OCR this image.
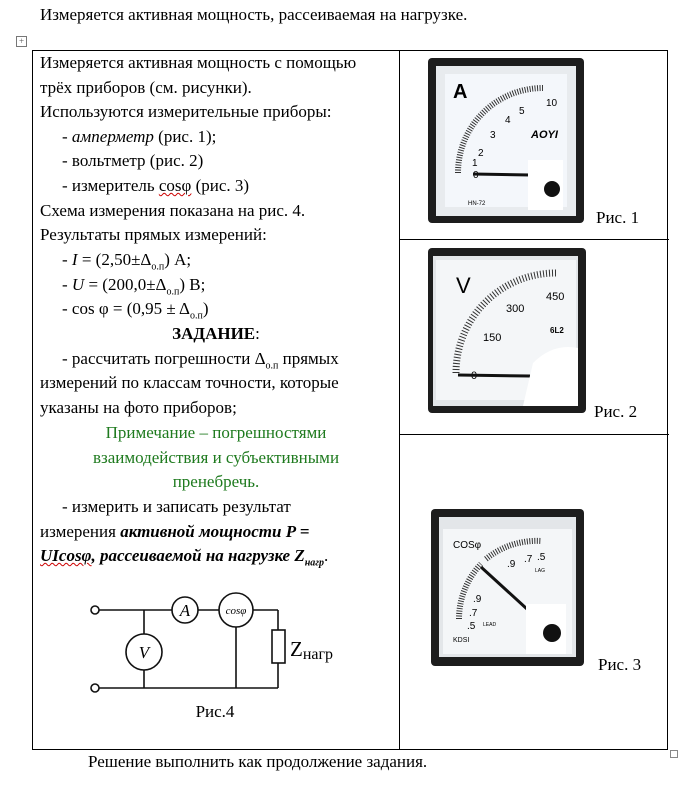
Измеряется активная мощность, рассеиваемая на нагрузке.
+
Измеряется активная мощность с помощью
трёх приборов (см. рисунки).
Используются измерительные приборы:
- амперметр (рис. 1);
- вольтметр (рис. 2)
- измеритель cosφ (рис. 3)
Схема измерения показана на рис. 4.
Результаты прямых измерений:
- $I = (2,50\pm\Delta_{о.п})$ А;
- $U = (200,0\pm\Delta_{о.п})$ В;
- $\cos \varphi = (0,95 \pm \Delta_{о.п})$
ЗАДАНИЕ:
- рассчитать погрешности $\Delta_{о.п}$ прямых
измерений по классам точности, которые
указаны на фото приборов;
Примечание – погрешностями
взаимодействия и субъективными
пренебречь.
- измерить и записать результат
измерения активной мощности P =
UIcosφ, рассеиваемой на нагрузке $Z_{нагр}$.
A	cosφ
V	Zнагр
Рис.4
A
1
2
3
4
5
10
AOYI
HN-72
Рис. 1
V
150
300
450
6L2
Рис. 2
COSφ
.9 .7 .5
.9
.7
.5
LAG
LEAD
KDSI
Рис. 3
Решение выполнить как продолжение задания.
